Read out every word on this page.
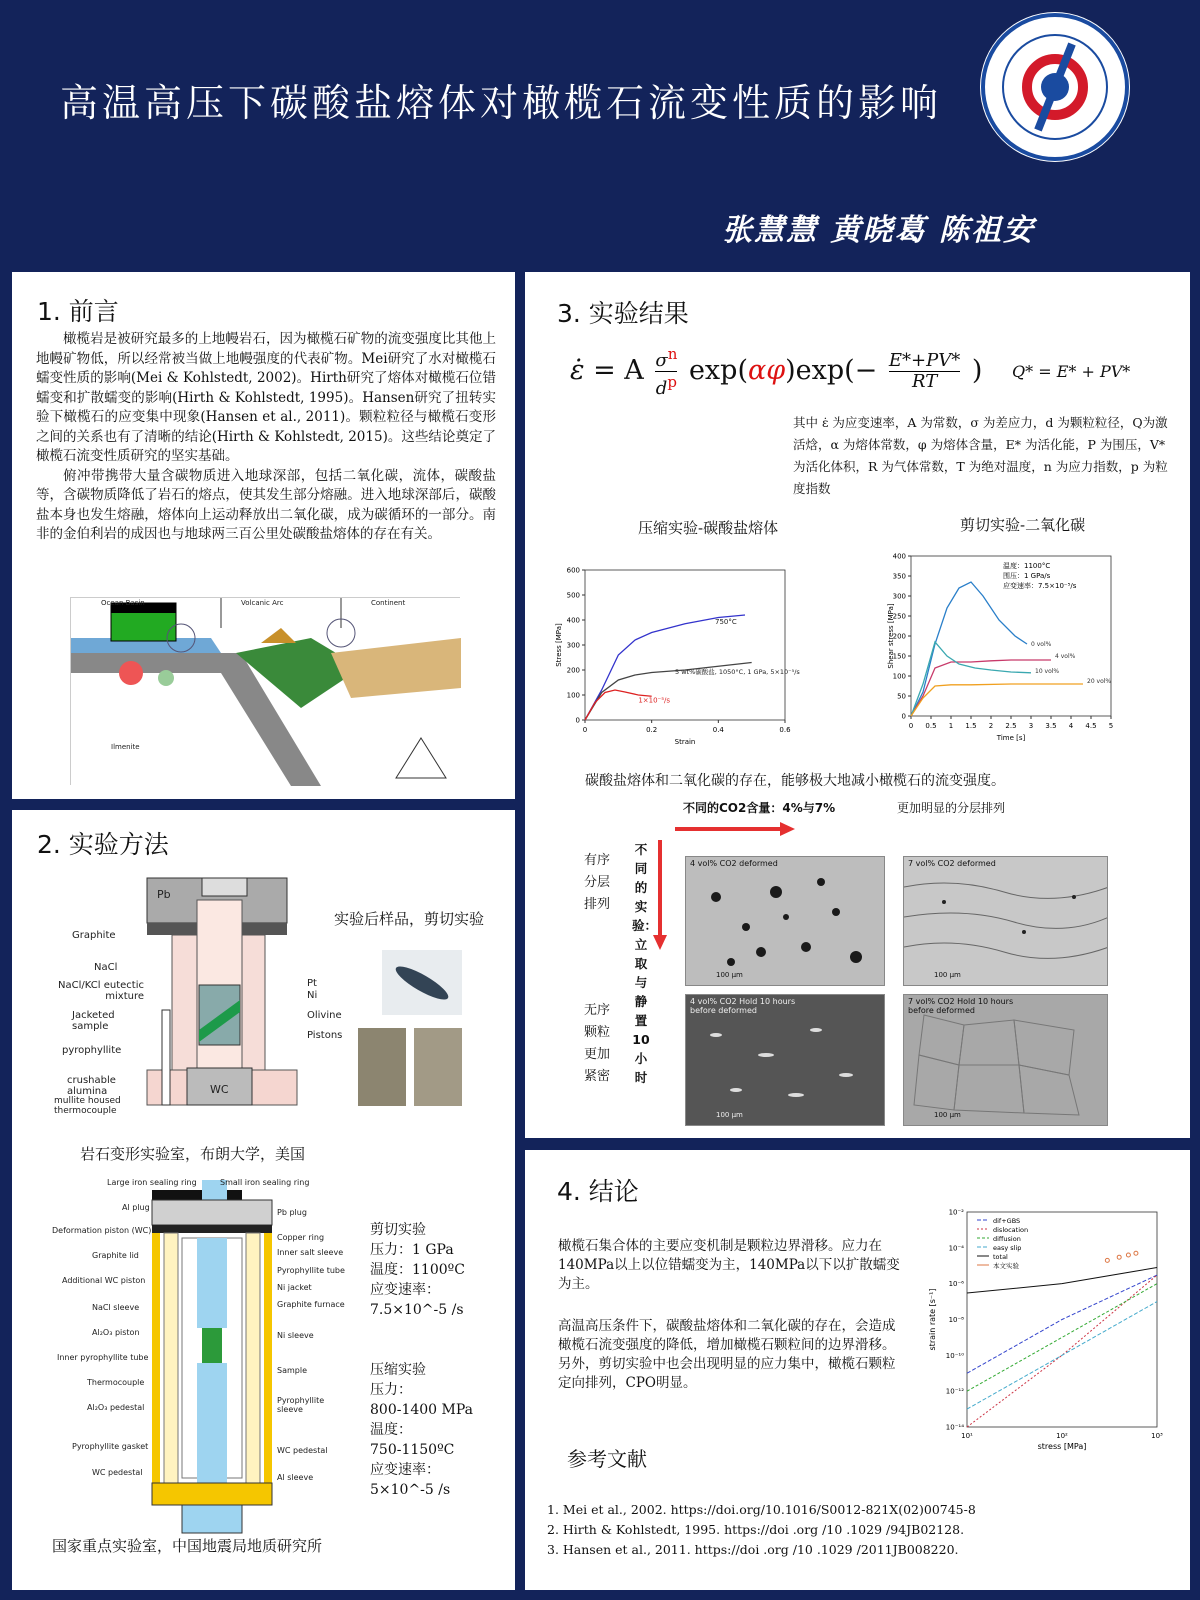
高温高压下碳酸盐熔体对橄榄石流变性质的影响
张慧慧 黄晓葛 陈祖安
1. 前言

橄榄岩是被研究最多的上地幔岩石，因为橄榄石矿物的流变强度比其他上地幔矿物低，所以经常被当做上地幔强度的代表矿物。Mei研究了水对橄榄石蠕变性质的影响(Mei & Kohlstedt, 2002)。Hirth研究了熔体对橄榄石位错蠕变和扩散蠕变的影响(Hirth & Kohlstedt, 1995)。Hansen研究了扭转实验下橄榄石的应变集中现象(Hansen et al., 2011)。颗粒粒径与橄榄石变形之间的关系也有了清晰的结论(Hirth & Kohlstedt, 2015)。这些结论奠定了橄榄石流变性质研究的坚实基础。

俯冲带携带大量含碳物质进入地球深部，包括二氧化碳，流体，碳酸盐等，含碳物质降低了岩石的熔点，使其发生部分熔融。进入地球深部后，碳酸盐本身也发生熔融，熔体向上运动释放出二氧化碳，成为碳循环的一部分。南非的金伯利岩的成因也与地球两三百公里处碳酸盐熔体的存在有关。

Ocean Basin	Volcanic Arc	Continent
Ilmenite
2. 实验方法
Pb
Graphite
NaCl
NaCl/KCl eutectic mixture
Jacketed sample
pyrophyllite
crushable alumina
mullite housed thermocouple
WC
Pt
Ni
Olivine
Pistons
实验后样品，剪切实验
岩石变形实验室，布朗大学，美国
Large iron sealing ring	Small iron sealing ring
Al plug
Deformation piston (WC)
Graphite lid
Additional WC piston
NaCl sleeve
Al₂O₃ piston
Inner pyrophyllite tube
Thermocouple
Al₂O₃ pedestal
Pyrophyllite gasket
WC pedestal
Pb plug
Copper ring
Inner salt sleeve
Pyrophyllite tube
Ni jacket
Graphite furnace
Ni sleeve
Sample
Pyrophyllite sleeve
WC pedestal
Al sleeve
剪切实验
压力：1 GPa
温度：1100ºC
应变速率：
7.5×10^-5 /s
压缩实验
压力：
800-1400 MPa
温度：
750-1150ºC
应变速率：
5×10^-5 /s
国家重点实验室，中国地震局地质研究所
3. 实验结果
ε̇ = A $\frac{\sigma^n}{d^p} \exp(\alpha\varphi)\exp(- \frac{E*+PV*}{RT}$ ) Q* = E* + PV*
其中 ε̇ 为应变速率，A 为常数，σ 为差应力，d 为颗粒粒径，Q为激活焓，α 为熔体常数，φ 为熔体含量，E* 为活化能，P 为围压，V* 为活化体积，R 为气体常数，T 为绝对温度，n 为应力指数，p 为粒度指数
压缩实验-碳酸盐熔体	剪切实验-二氧化碳
0	0.2	0.4	0.6
0
100
200
300
400
500
600
Strain
Stress [MPa]
750°C
5 wt%碳酸盐, 1050°C, 1 GPa, 5×10⁻⁵/s
1×10⁻⁵/s
0 0.5 1 1.5 2 2.5 3 3.5 4 4.5 5
0
50
100
150
200
250
300
350
400
Time [s]
Shear stress [MPa]
温度：1100°C
围压：1 GPa/s
应变速率：7.5×10⁻⁵/s
0 vol%
4 vol%
10 vol%
20 vol%
碳酸盐熔体和二氧化碳的存在，能够极大地减小橄榄石的流变强度。
不同的CO2含量：4%与7%	更加明显的分层排列
有序分层排列
无序颗粒更加紧密
不同的实验：立取与静置10小时
4 vol% CO2 deformed
100 µm
7 vol% CO2 deformed
100 µm
4 vol% CO2 Hold 10 hours before deformed
100 µm
7 vol% CO2 Hold 10 hours before deformed
100 µm
4. 结论
橄榄石集合体的主要应变机制是颗粒边界滑移。应力在140MPa以上以位错蠕变为主，140MPa以下以扩散蠕变为主。
高温高压条件下，碳酸盐熔体和二氧化碳的存在，会造成橄榄石流变强度的降低，增加橄榄石颗粒间的边界滑移。另外，剪切实验中也会出现明显的应力集中，橄榄石颗粒定向排列，CPO明显。
10¹	10²	10³
10⁻¹⁴
10⁻¹²
10⁻¹⁰
10⁻⁸
10⁻⁶
10⁻⁴
10⁻²
stress [MPa]
strain rate [s⁻¹]
dif+GBS
dislocation
diffusion
easy slip
total
本文实验
参考文献
1. Mei et al., 2002. https://doi.org/10.1016/S0012-821X(02)00745-8
2. Hirth & Kohlstedt, 1995. https://doi .org /10 .1029 /94JB02128.
3. Hansen et al., 2011. https://doi .org /10 .1029 /2011JB008220.
